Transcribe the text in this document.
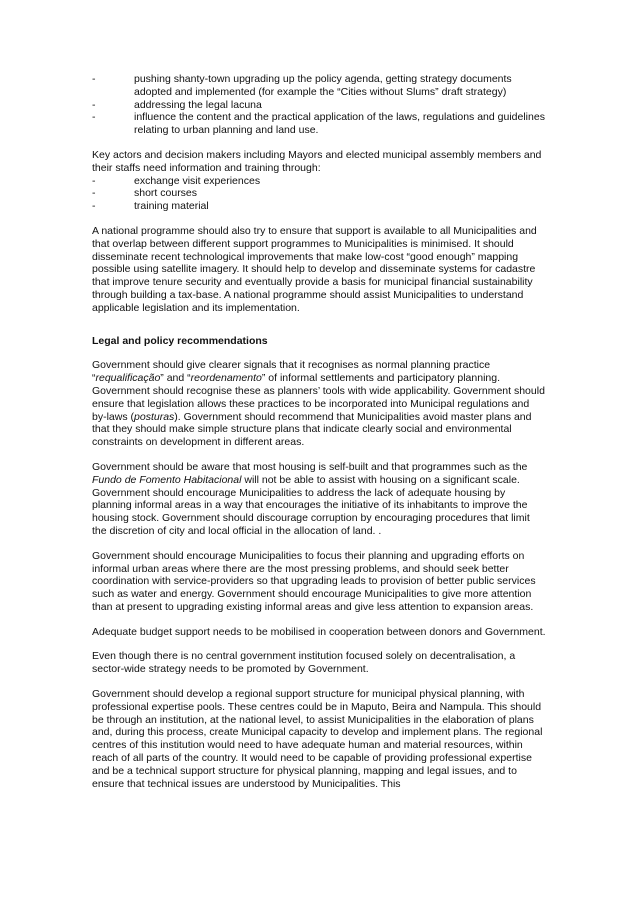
-	pushing shanty-town upgrading up the policy agenda, getting strategy documents adopted and implemented (for example the “Cities without Slums” draft strategy)
-	addressing the legal lacuna
-	influence the content and the practical application of the laws, regulations and guidelines relating to urban planning and land use.

Key actors and decision makers including Mayors and elected municipal assembly members and their staffs need information and training through:

-	exchange visit experiences
-	short courses
-	training material

A national programme should also try to ensure that support is available to all Municipalities and that overlap between different support programmes to Municipalities is minimised. It should disseminate recent technological improvements that make low-cost “good enough” mapping possible using satellite imagery. It should help to develop and disseminate systems for cadastre that improve tenure security and eventually provide a basis for municipal financial sustainability through building a tax-base. A national programme should assist Municipalities to understand applicable legislation and its implementation.

Legal and policy recommendations

Government should give clearer signals that it recognises as normal planning practice “requalificação” and “reordenamento” of informal settlements and participatory planning. Government should recognise these as planners’ tools with wide applicability. Government should ensure that legislation allows these practices to be incorporated into Municipal regulations and by-laws (posturas). Government should recommend that Municipalities avoid master plans and that they should make simple structure plans that indicate clearly social and environmental constraints on development in different areas.

Government should be aware that most housing is self-built and that programmes such as the Fundo de Fomento Habitacional will not be able to assist with housing on a significant scale. Government should encourage Municipalities to address the lack of adequate housing by planning informal areas in a way that encourages the initiative of its inhabitants to improve the housing stock. Government should discourage corruption by encouraging procedures that limit the discretion of city and local official in the allocation of land. .

Government should encourage Municipalities to focus their planning and upgrading efforts on informal urban areas where there are the most pressing problems, and should seek better coordination with service-providers so that upgrading leads to provision of better public services such as water and energy. Government should encourage Municipalities to give more attention than at present to upgrading existing informal areas and give less attention to expansion areas.

Adequate budget support needs to be mobilised in cooperation between donors and Government.

Even though there is no central government institution focused solely on decentralisation, a sector-wide strategy needs to be promoted by Government.

Government should develop a regional support structure for municipal physical planning, with professional expertise pools. These centres could be in Maputo, Beira and Nampula. This should be through an institution, at the national level, to assist Municipalities in the elaboration of plans and, during this process, create Municipal capacity to develop and implement plans. The regional centres of this institution would need to have adequate human and material resources, within reach of all parts of the country. It would need to be capable of providing professional expertise and be a technical support structure for physical planning, mapping and legal issues, and to ensure that technical issues are understood by Municipalities. This
